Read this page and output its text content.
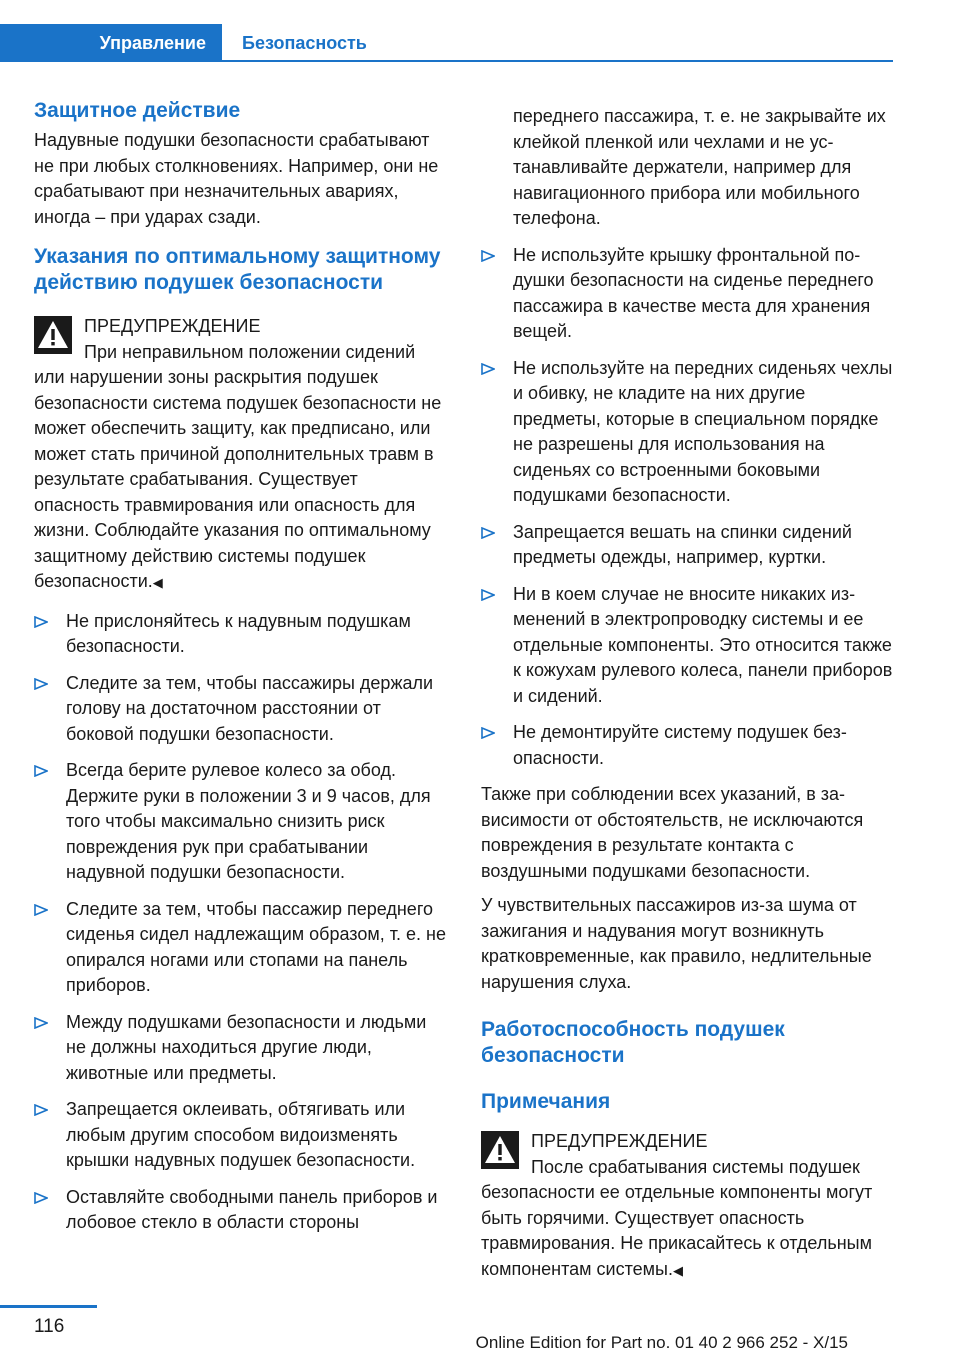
Управление	Безопасность
Защитное действие

Надувные подушки безопасности срабатывают не при любых столкновениях. Например, они не срабатывают при незначительных авариях, иногда – при ударах сзади.

Указания по оптимальному защитному действию подушек безопасности
ПРЕДУПРЕЖДЕНИЕ
При неправильном положении сидений

или нарушении зоны раскрытия подушек безопасности система подушек безопасности не может обеспечить защиту, как предписано, или может стать причиной дополнительных травм в результате срабатывания. Существует опасность травмирования или опасность для жизни. Соблюдайте указания по оптимальному защитному действию системы подушек безопасности.◀

Не прислоняйтесь к надувным подушкам безопасности.
Следите за тем, чтобы пассажиры держали голову на достаточном расстоянии от боковой подушки безопасности.
Всегда берите рулевое колесо за обод. Держите руки в положении 3 и 9 часов, для того чтобы максимально снизить риск повреждения рук при срабатывании надувной подушки безопасности.
Следите за тем, чтобы пассажир переднего сиденья сидел надлежащим образом, т. е. не опирался ногами или стопами на панель приборов.
Между подушками безопасности и людьми не должны находиться другие люди, животные или предметы.
Запрещается оклеивать, обтягивать или любым другим способом видоизменять крышки надувных подушек безопасности.
Оставляйте свободными панель приборов и лобовое стекло в области стороны
переднего пассажира, т. е. не закрывайте их клейкой пленкой или чехлами и не устанавливайте держатели, например для навигационного прибора или мобильного телефона.
Не используйте крышку фронтальной подушки безопасности на сиденье переднего пассажира в качестве места для хранения вещей.
Не используйте на передних сиденьях чехлы и обивку, не кладите на них другие предметы, которые в специальном порядке не разрешены для использования на сиденьях со встроенными боковыми подушками безопасности.
Запрещается вешать на спинки сидений предметы одежды, например, куртки.
Ни в коем случае не вносите никаких изменений в электропроводку системы и ее отдельные компоненты. Это относится также к кожухам рулевого колеса, панели приборов и сидений.
Не демонтируйте систему подушек безопасности.

Также при соблюдении всех указаний, в зависимости от обстоятельств, не исключаются повреждения в результате контакта с воздушными подушками безопасности.

У чувствительных пассажиров из-за шума от зажигания и надувания могут возникнуть кратковременные, как правило, недлительные нарушения слуха.

Работоспособность подушек безопасности
Примечания
ПРЕДУПРЕЖДЕНИЕ
После срабатывания системы подушек

безопасности ее отдельные компоненты могут быть горячими. Существует опасность травмирования. Не прикасайтесь к отдельным компонентам системы.◀

116
Online Edition for Part no. 01 40 2 966 252 - X/15
